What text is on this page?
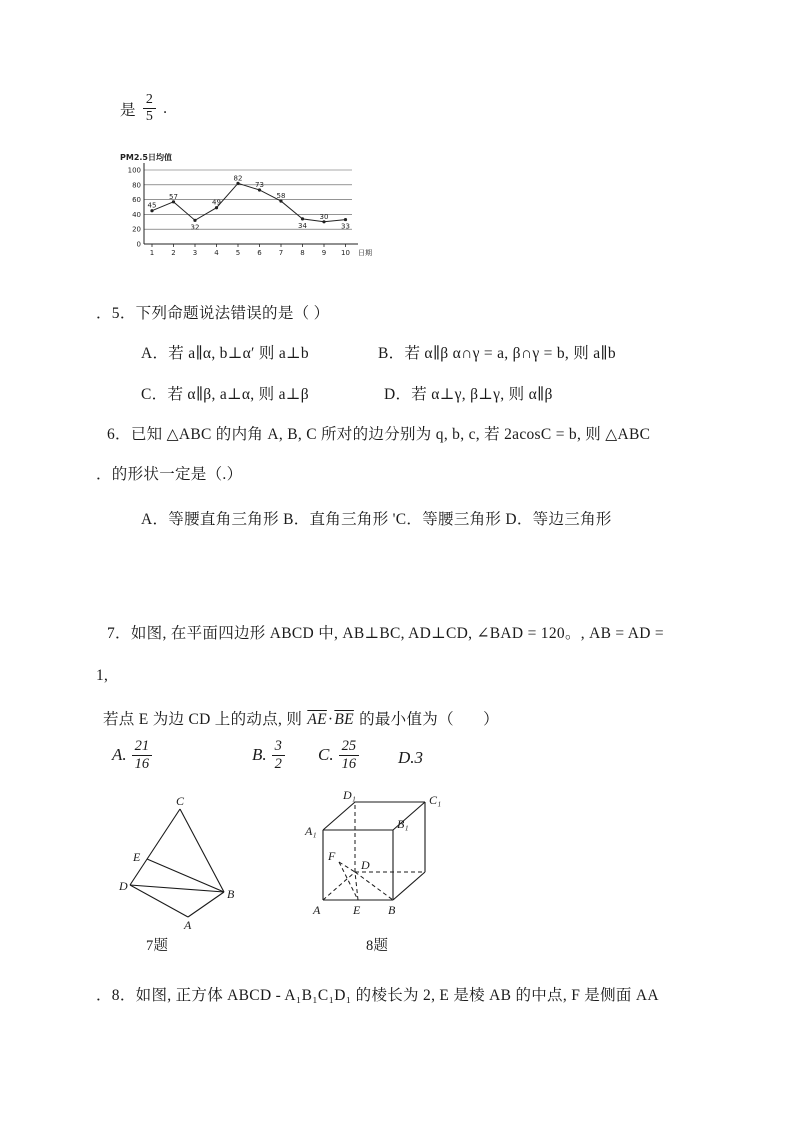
是 $\frac{2}{5}$ .
0
20
40
60
80
100
PM2.5日均值
45
1
57
2
32
3
49
4
82
5
73
6
58
7
34
8
30
9
33
10 日期
．5．下列命题说法错误的是（ ）
A．若 a∥α, b⊥α′ 则 a⊥b	B．若 α∥β α∩γ = a, β∩γ = b, 则 a∥b
C．若 α∥β, a⊥α, 则 a⊥β	D．若 α⊥γ, β⊥γ, 则 α∥β
6．已知 △ABC 的内角 A, B, C 所对的边分别为 q, b, c, 若 2acosC = b, 则 △ABC
．的形状一定是（.）
A．等腰直角三角形 B．直角三角形 'C．等腰三角形 D．等边三角形
7．如图, 在平面四边形 ABCD 中, AB⊥BC, AD⊥CD, ∠BAD = 120。, AB = AD =
1,
若点 E 为边 CD 上的动点, 则 $\overline{AE}\cdot\overline{BE}$ 的最小值为（       ）
A. $\frac{21}{16}$	B. $\frac{3}{2} C$. $\frac{25}{16} D.3$
C
E
D
B
A
D₁	C₁
A₁	B₁
F
D
A	E B
7题	8题
．8．如图, 正方体 ABCD - A₁B₁C₁D₁ 的棱长为 2, E 是棱 AB 的中点, F 是侧面 AA
